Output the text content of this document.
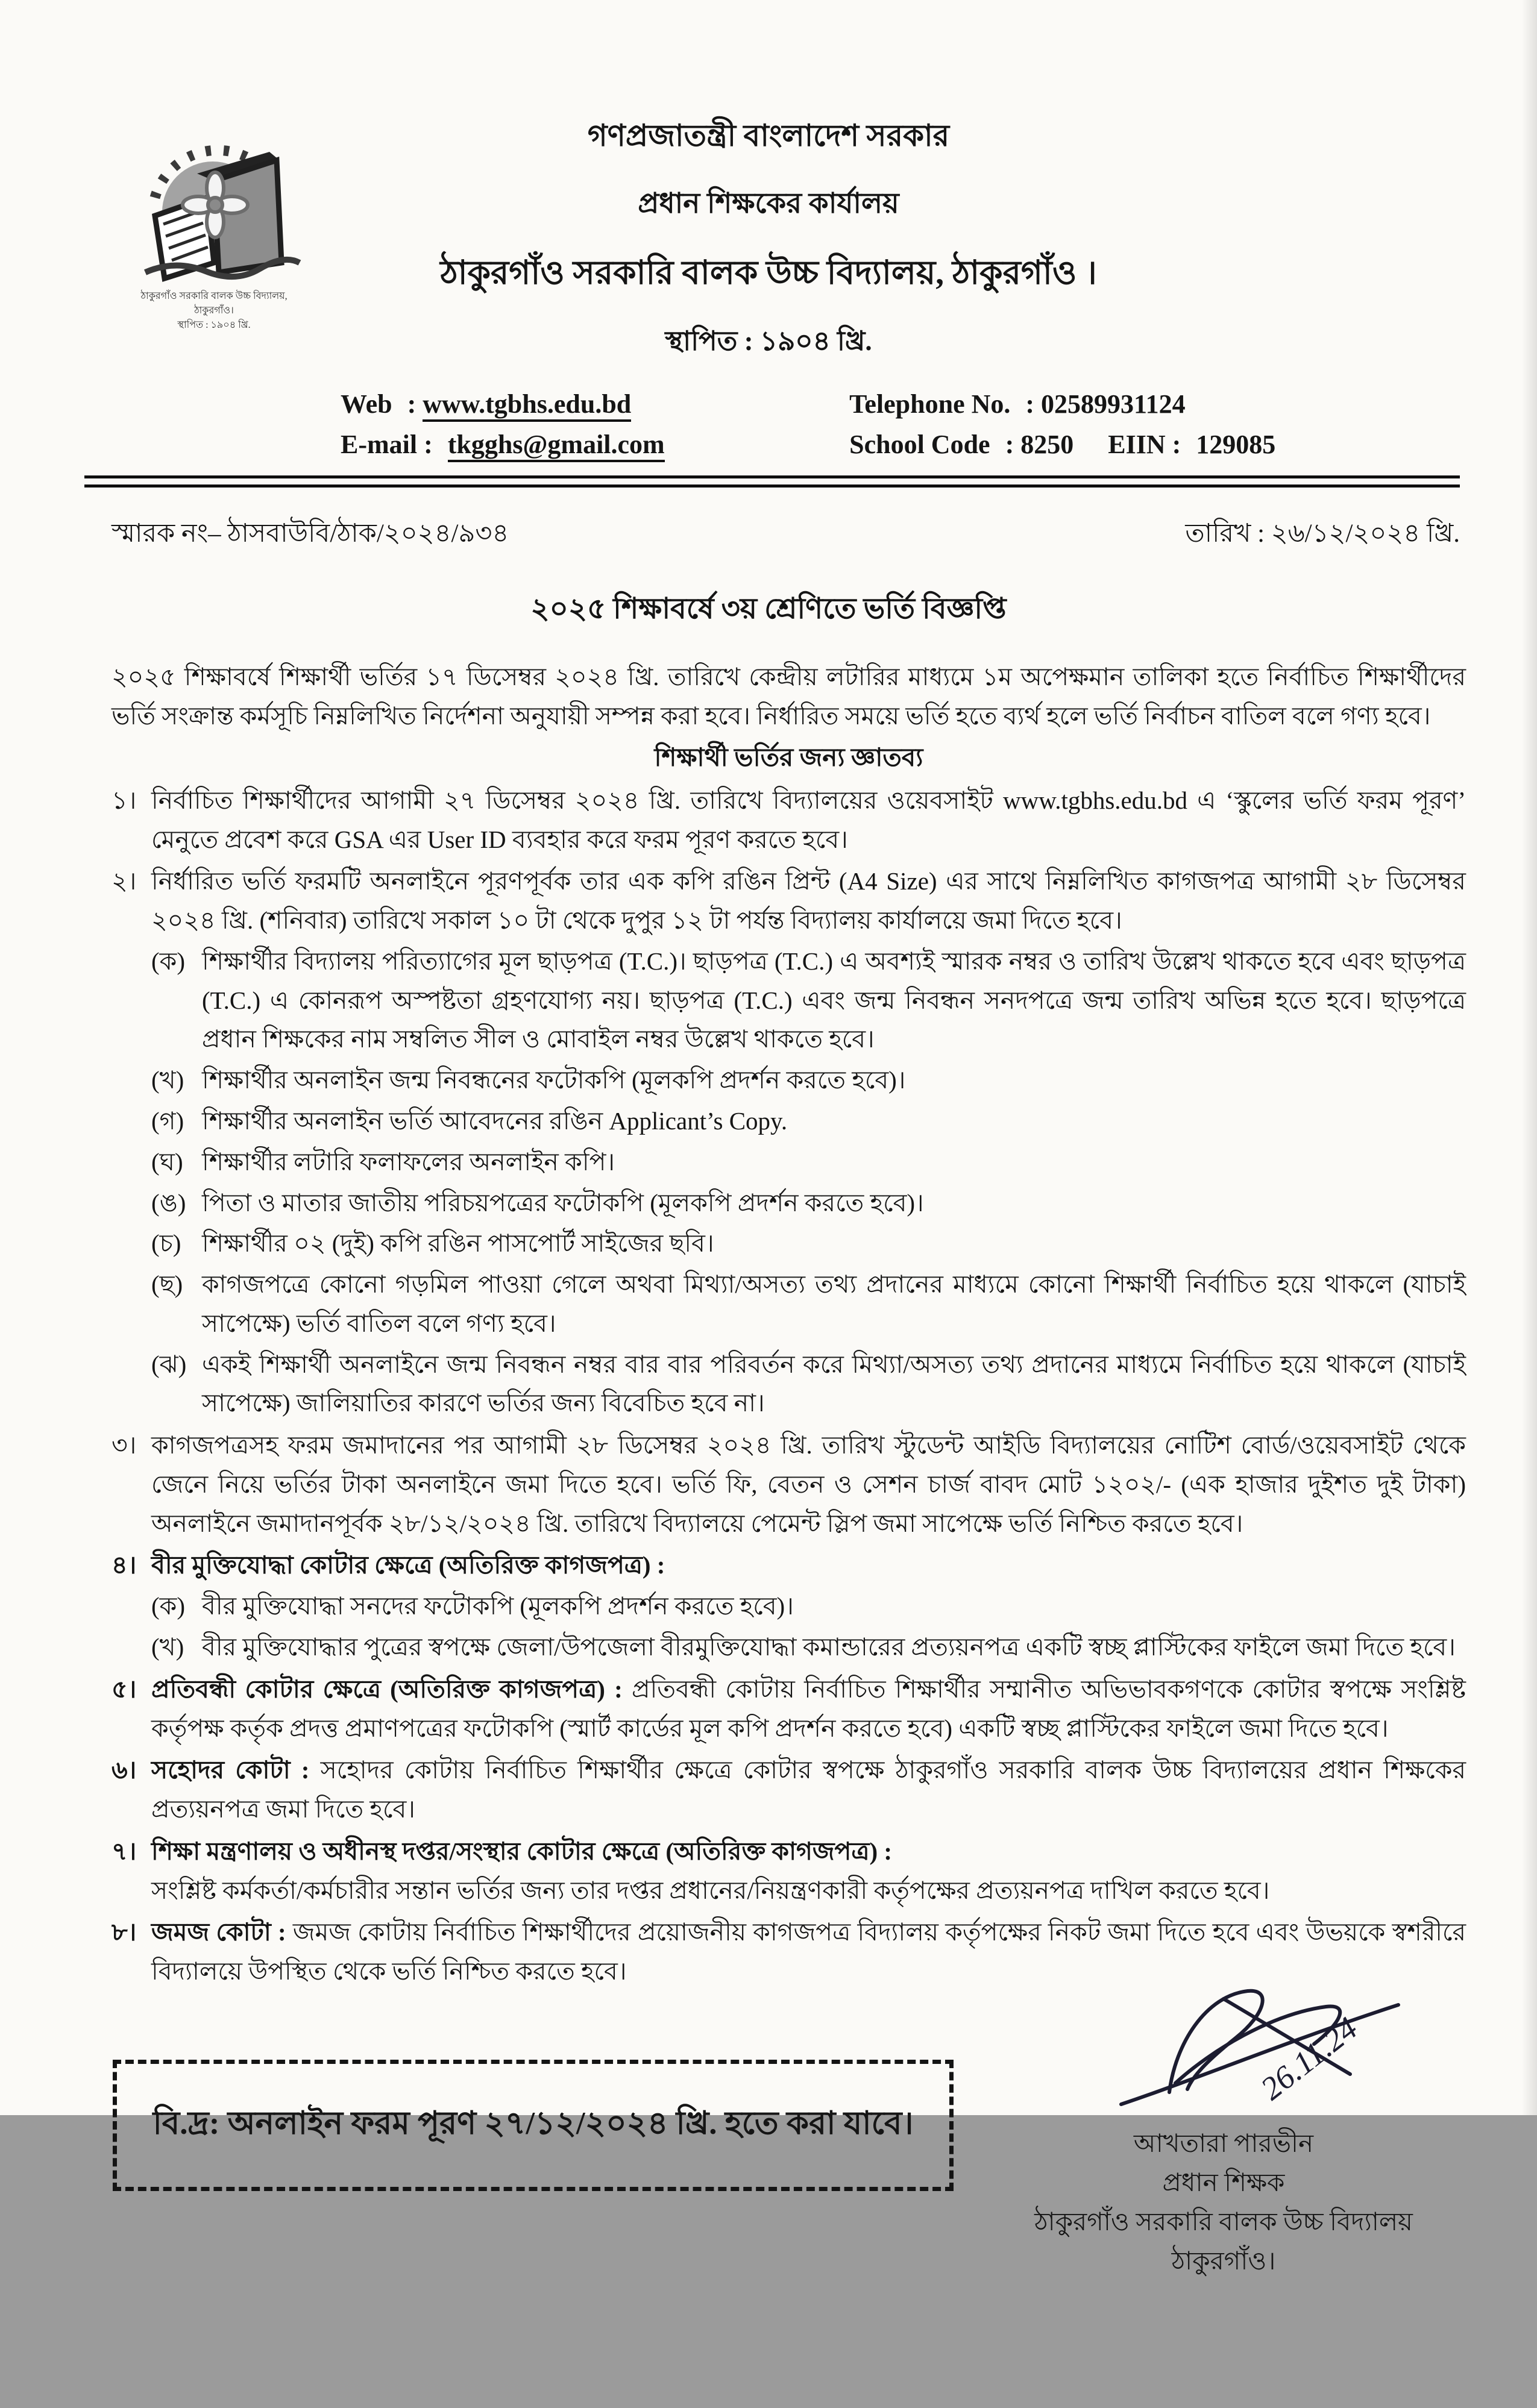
ঠাকুরগাঁও সরকারি বালক উচ্চ বিদ্যালয়, ঠাকুরগাঁও।
স্থাপিত : ১৯০৪ খ্রি.
গণপ্রজাতন্ত্রী বাংলাদেশ সরকার
প্রধান শিক্ষকের কার্যালয়
ঠাকুরগাঁও সরকারি বালক উচ্চ বিদ্যালয়, ঠাকুরগাঁও ।
স্থাপিত : ১৯০৪ খ্রি.
Web : www.tgbhs.edu.bd	Telephone No. : 02589931124
E-mail : tkgghs@gmail.com	School Code : 8250 EIIN : 129085
স্মারক নং– ঠাসবাউবি/ঠাক/২০২৪/৯৩৪	তারিখ : ২৬/১২/২০২৪ খ্রি.
২০২৫ শিক্ষাবর্ষে ৩য় শ্রেণিতে ভর্তি বিজ্ঞপ্তি
২০২৫ শিক্ষাবর্ষে শিক্ষার্থী ভর্তির ১৭ ডিসেম্বর ২০২৪ খ্রি. তারিখে কেন্দ্রীয় লটারির মাধ্যমে ১ম অপেক্ষমান তালিকা হতে নির্বাচিত শিক্ষার্থীদের ভর্তি সংক্রান্ত কর্মসূচি নিম্নলিখিত নির্দেশনা অনুযায়ী সম্পন্ন করা হবে। নির্ধারিত সময়ে ভর্তি হতে ব্যর্থ হলে ভর্তি নির্বাচন বাতিল বলে গণ্য হবে।
শিক্ষার্থী ভর্তির জন্য জ্ঞাতব্য
১। নির্বাচিত শিক্ষার্থীদের আগামী ২৭ ডিসেম্বর ২০২৪ খ্রি. তারিখে বিদ্যালয়ের ওয়েবসাইট www.tgbhs.edu.bd এ ‘স্কুলের ভর্তি ফরম পূরণ’ মেনুতে প্রবেশ করে GSA এর User ID ব্যবহার করে ফরম পূরণ করতে হবে।
২। নির্ধারিত ভর্তি ফরমটি অনলাইনে পূরণপূর্বক তার এক কপি রঙিন প্রিন্ট (A4 Size) এর সাথে নিম্নলিখিত কাগজপত্র আগামী ২৮ ডিসেম্বর ২০২৪ খ্রি. (শনিবার) তারিখে সকাল ১০ টা থেকে দুপুর ১২ টা পর্যন্ত বিদ্যালয় কার্যালয়ে জমা দিতে হবে।
(ক) শিক্ষার্থীর বিদ্যালয় পরিত্যাগের মূল ছাড়পত্র (T.C.)। ছাড়পত্র (T.C.) এ অবশ্যই স্মারক নম্বর ও তারিখ উল্লেখ থাকতে হবে এবং ছাড়পত্র (T.C.) এ কোনরূপ অস্পষ্টতা গ্রহণযোগ্য নয়। ছাড়পত্র (T.C.) এবং জন্ম নিবন্ধন সনদপত্রে জন্ম তারিখ অভিন্ন হতে হবে। ছাড়পত্রে প্রধান শিক্ষকের নাম সম্বলিত সীল ও মোবাইল নম্বর উল্লেখ থাকতে হবে।
(খ) শিক্ষার্থীর অনলাইন জন্ম নিবন্ধনের ফটোকপি (মূলকপি প্রদর্শন করতে হবে)।
(গ) শিক্ষার্থীর অনলাইন ভর্তি আবেদনের রঙিন Applicant’s Copy.
(ঘ) শিক্ষার্থীর লটারি ফলাফলের অনলাইন কপি।
(ঙ) পিতা ও মাতার জাতীয় পরিচয়পত্রের ফটোকপি (মূলকপি প্রদর্শন করতে হবে)।
(চ) শিক্ষার্থীর ০২ (দুই) কপি রঙিন পাসপোর্ট সাইজের ছবি।
(ছ) কাগজপত্রে কোনো গড়মিল পাওয়া গেলে অথবা মিথ্যা/অসত্য তথ্য প্রদানের মাধ্যমে কোনো শিক্ষার্থী নির্বাচিত হয়ে থাকলে (যাচাই সাপেক্ষে) ভর্তি বাতিল বলে গণ্য হবে।
(ঝ) একই শিক্ষার্থী অনলাইনে জন্ম নিবন্ধন নম্বর বার বার পরিবর্তন করে মিথ্যা/অসত্য তথ্য প্রদানের মাধ্যমে নির্বাচিত হয়ে থাকলে (যাচাই সাপেক্ষে) জালিয়াতির কারণে ভর্তির জন্য বিবেচিত হবে না।
৩। কাগজপত্রসহ ফরম জমাদানের পর আগামী ২৮ ডিসেম্বর ২০২৪ খ্রি. তারিখ স্টুডেন্ট আইডি বিদ্যালয়ের নোটিশ বোর্ড/ওয়েবসাইট থেকে জেনে নিয়ে ভর্তির টাকা অনলাইনে জমা দিতে হবে। ভর্তি ফি, বেতন ও সেশন চার্জ বাবদ মোট ১২০২/- (এক হাজার দুইশত দুই টাকা) অনলাইনে জমাদানপূর্বক ২৮/১২/২০২৪ খ্রি. তারিখে বিদ্যালয়ে পেমেন্ট স্লিপ জমা সাপেক্ষে ভর্তি নিশ্চিত করতে হবে।
৪। বীর মুক্তিযোদ্ধা কোটার ক্ষেত্রে (অতিরিক্ত কাগজপত্র) :
(ক) বীর মুক্তিযোদ্ধা সনদের ফটোকপি (মূলকপি প্রদর্শন করতে হবে)।
(খ) বীর মুক্তিযোদ্ধার পুত্রের স্বপক্ষে জেলা/উপজেলা বীরমুক্তিযোদ্ধা কমান্ডারের প্রত্যয়নপত্র একটি স্বচ্ছ প্লাস্টিকের ফাইলে জমা দিতে হবে।
৫। প্রতিবন্ধী কোটার ক্ষেত্রে (অতিরিক্ত কাগজপত্র) : প্রতিবন্ধী কোটায় নির্বাচিত শিক্ষার্থীর সম্মানীত অভিভাবকগণকে কোটার স্বপক্ষে সংশ্লিষ্ট কর্তৃপক্ষ কর্তৃক প্রদত্ত প্রমাণপত্রের ফটোকপি (স্মার্ট কার্ডের মূল কপি প্রদর্শন করতে হবে) একটি স্বচ্ছ প্লাস্টিকের ফাইলে জমা দিতে হবে।
৬। সহোদর কোটা : সহোদর কোটায় নির্বাচিত শিক্ষার্থীর ক্ষেত্রে কোটার স্বপক্ষে ঠাকুরগাঁও সরকারি বালক উচ্চ বিদ্যালয়ের প্রধান শিক্ষকের প্রত্যয়নপত্র জমা দিতে হবে।
৭। শিক্ষা মন্ত্রণালয় ও অধীনস্থ দপ্তর/সংস্থার কোটার ক্ষেত্রে (অতিরিক্ত কাগজপত্র) :
সংশ্লিষ্ট কর্মকর্তা/কর্মচারীর সন্তান ভর্তির জন্য তার দপ্তর প্রধানের/নিয়ন্ত্রণকারী কর্তৃপক্ষের প্রত্যয়নপত্র দাখিল করতে হবে।
৮। জমজ কোটা : জমজ কোটায় নির্বাচিত শিক্ষার্থীদের প্রয়োজনীয় কাগজপত্র বিদ্যালয় কর্তৃপক্ষের নিকট জমা দিতে হবে এবং উভয়কে স্বশরীরে বিদ্যালয়ে উপস্থিত থেকে ভর্তি নিশ্চিত করতে হবে।
বি.দ্র: অনলাইন ফরম পূরণ ২৭/১২/২০২৪ খ্রি. হতে করা যাবে।
26.11.24
আখতারা পারভীন
প্রধান শিক্ষক
ঠাকুরগাঁও সরকারি বালক উচ্চ বিদ্যালয়
ঠাকুরগাঁও।
